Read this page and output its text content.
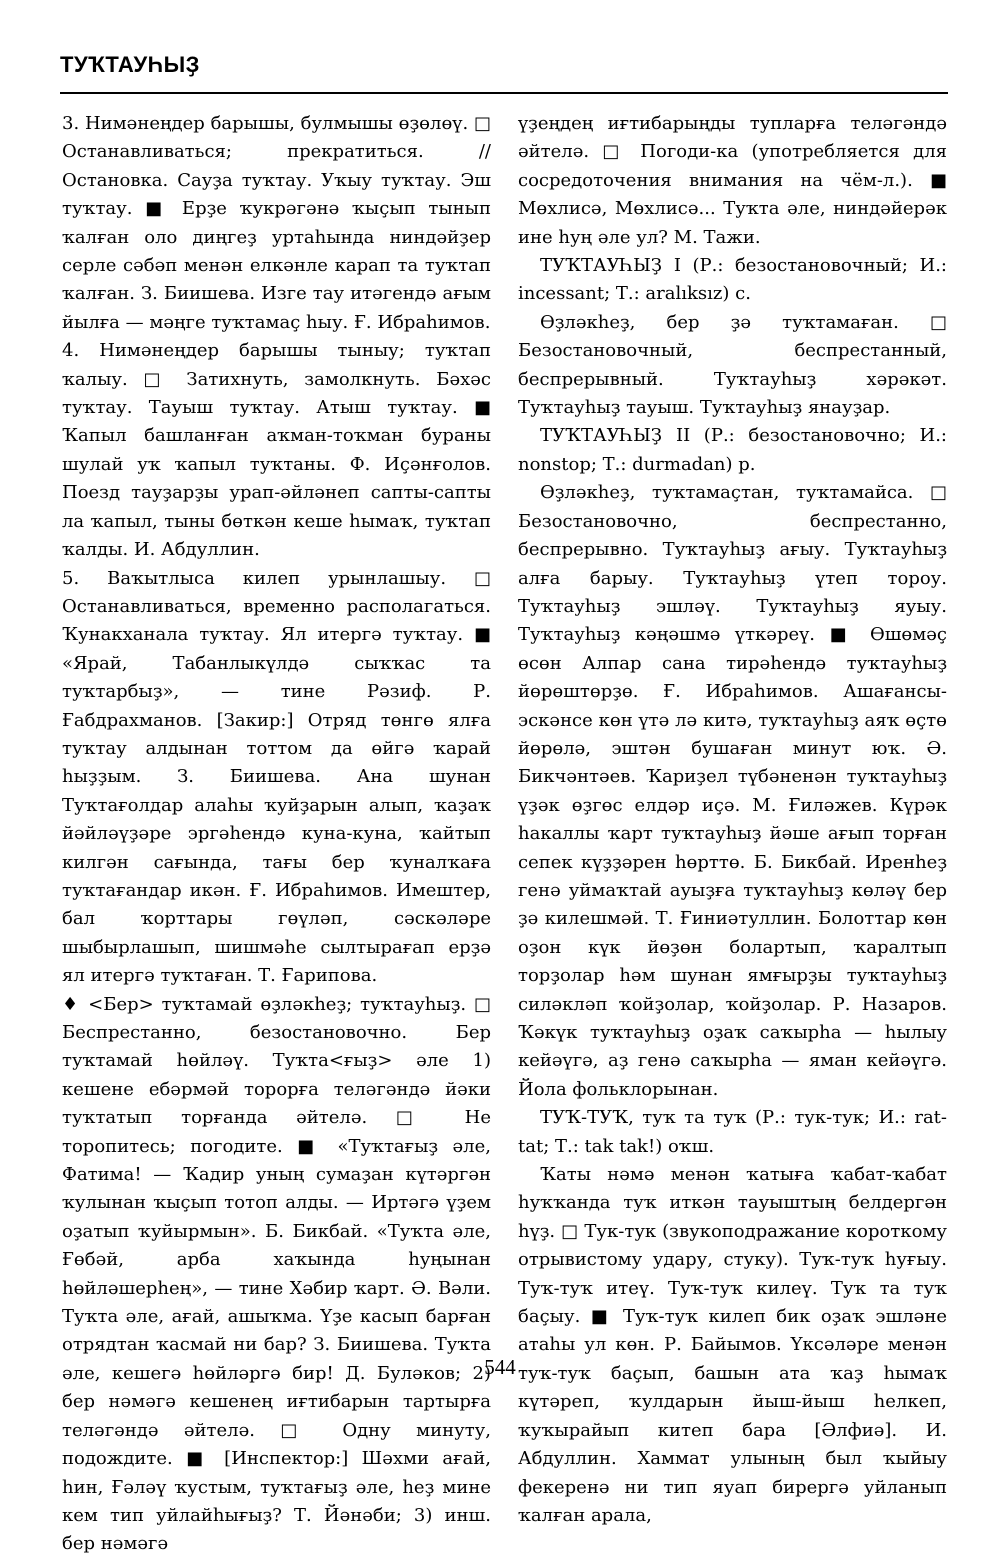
ТУҠТАУҺЫҘ

3. Нимәнеңдер барышы, булмышы өҙөлөү. □ Останавливаться; прекратиться. // Остановка. Сауҙа туҡтау. Уҡыу туҡтау. Эш туҡтау. ■ Ерҙе ҡукрәгәнә ҡыҫып тынып ҡалған оло диңгеҙ уртаһында ниндәйҙер серле сәбәп менән елкәнле карап та туҡтап ҡалған. З. Биишева. Изге тау итәгендә ағым йылға — мәңге туҡтамаҫ һыу. Ғ. Ибраһимов.

4. Нимәнеңдер барышы тыныу; туҡтап ҡалыу. □ Затихнуть, замолкнуть. Бәхәс туҡтау. Тауыш туҡтау. Атыш туҡтау. ■ Ҡапыл башланған аҡман-тоҡман бураны шулай уҡ ҡапыл туҡтаны. Ф. Иҫәнғолов. Поезд тауҙарҙы урап-әйләнеп сапты-сапты ла ҡапыл, тыны бөткән кеше һымаҡ, туҡтап ҡалды. И. Абдуллин.

5. Ваҡытлыса килеп урынлашыу. □ Останавливаться, временно располагаться. Ҡунакханала туҡтау. Ял итергә туҡтау. ■ «Ярай, Табанлыкүлдә сыҡҡас та туҡтарбыҙ», — тине Рәзиф. Р. Ғабдрахманов. [Закир:] Отряд төнгө ялға туҡтау алдынан тоттом да өйгә ҡарай һыҙҙым. З. Биишева. Ана шунан Туҡтағолдар алаһы ҡуйҙарын алып, ҡаҙаҡ йәйләүҙәре эргәһендә куна-куна, ҡайтып килгән сағында, тағы бер ҡуналҡаға туҡтағандар икән. Ғ. Ибраһимов. Имештер, бал ҡорттары гөүләп, сәскәләре шыбырлашып, шишмәһе сылтырағап ерҙә ял итергә туҡтаған. Т. Ғарипова.

♦ <Бер> туҡтамай өҙләкһеҙ; туҡтауһыҙ. □ Беспрестанно, безостановочно. Бер туҡтамай һөйләү. Туҡта<ғыҙ> әле 1) кешене ебәрмәй торорға теләгәндә йәки туҡтатып торғанда әйтелә. □ Не торопитесь; погодите. ■ «Туҡтағыҙ әле, Фатима! — Ҡадир уның сумаҙан күтәргән ҡулынан ҡыҫып тотоп алды. — Иртәгә үҙем оҙатып ҡуйырмын». Б. Бикбай. «Туҡта әле, Ғөбәй, арба хаҡында һуңынан һөйләшерһең», — тине Хәбир ҡарт. Ә. Вәли. Туҡта әле, ағай, ашыҡма. Үҙе касып барған отрядтан ҡасмай ни бар? З. Биишева. Туҡта әле, кешегә һөйләргә бир! Д. Буләков; 2) бер нәмәгә кешенең иғтибарын тартырға теләгәндә әйтелә. □ Одну минуту, подождите. ■ [Инспектор:] Шәхми ағай, һин, Ғәләү ҡустым, туҡтағыҙ әле, һеҙ мине кем тип уйлайһығыҙ? Т. Йәнәби; 3) инш. бер нәмәгә

үҙеңдең иғтибарыңды тупларға теләгәндә әйтелә. □ Погоди-ка (употребляется для сосредоточения внимания на чём-л.). ■ Мөхлисә, Мөхлисә... Туҡта әле, ниндәйерәк ине һуң әле ул? М. Тажи.

ТУҠТАУҺЫҘ I (Р.: безостановочный; И.: incessant; Т.: aralıksız) с.

Өҙләкһеҙ, бер ҙә туҡтамаған. □ Безостановочный, беспрестанный, беспрерывный. Туҡтауһыҙ хәрәкәт. Туҡтауһыҙ тауыш. Туҡтауһыҙ янауҙар.

ТУҠТАУҺЫҘ II (Р.: безостановочно; И.: nonstop; Т.: durmadan) р.

Өҙләкһеҙ, туҡтамаҫтан, туҡтамайса. □ Безостановочно, беспрестанно, беспрерывно. Туҡтауһыҙ ағыу. Туҡтауһыҙ алға барыу. Туҡтауһыҙ үтеп тороу. Туҡтауһыҙ эшләү. Туҡтауһыҙ яуыу. Туҡтауһыҙ кәңәшмә үткәреү. ■ Өшөмәҫ өсөн Алпар сана тирәһендә туҡтауһыҙ йөрөштөрҙө. Ғ. Ибраһимов. Ашағансы-эскәнсе көн үтә лә китә, туҡтауһыҙ аяҡ өҫтө йөрөлә, эштән бушаған минут юҡ. Ә. Бикчәнтәев. Ҡариҙел түбәненән туҡтауһыҙ үҙәк өҙгөс елдәр иҫә. М. Ғиләжев. Күрәк һакаллы ҡарт туҡтауһыҙ йәше ағып торған сепек күҙҙәрен һөрттө. Б. Бикбай. Иренһеҙ генә уймаҡтай ауыҙға туҡтауһыҙ көләү бер ҙә килешмәй. Т. Ғиниәтуллин. Болоттар көн оҙон күк йөҙөн болартып, ҡаралтып торҙолар һәм шунан ямғырҙы туҡтауһыҙ силәкләп ҡойҙолар, ҡойҙолар. Р. Назаров. Ҡәкүк туҡтауһыҙ оҙаҡ саҡырһа — һылыу кейәүгә, аҙ генә саҡырһа — яман кейәүгә. Йола фольклорынан.

ТУҠ-ТУҠ, туҡ та туҡ (Р.: тук-тук; И.: rat-tat; Т.: tak tak!) оҡш.

Ҡаты нәмә менән ҡатыға ҡабат-ҡабат һуҡҡанда туҡ иткән тауыштың белдергән һүҙ. □ Тук-тук (звукоподражание короткому отрывистому удару, стуку). Туҡ-туҡ һуғыу. Туҡ-туҡ итеү. Туҡ-туҡ килеү. Туҡ та туҡ баҫыу. ■ Туҡ-туҡ килеп бик оҙаҡ эшләне атаһы ул көн. Р. Байымов. Үксәләре менән туҡ-туҡ баҫып, башын ата ҡаҙ һымаҡ күтәреп, ҡулдарын йыш-йыш һелкеп, ҡуҡырайып китеп бара [Әлфиә]. И. Абдуллин. Хаммат улының был ҡыйыу фекеренә ни тип яуап бирергә уйланып ҡалған арала,

544
